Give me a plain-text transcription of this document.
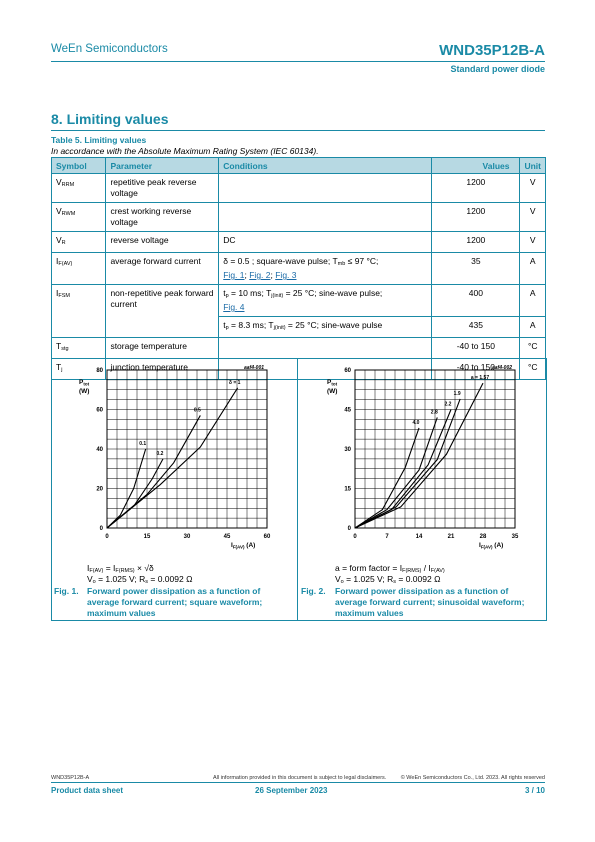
WeEn Semiconductors	WND35P12B-A
Standard power diode
8. Limiting values
Table 5. Limiting values
In accordance with the Absolute Maximum Rating System (IEC 60134).
Symbol	Parameter	Conditions	Values	Unit
$V_{RRM}$	repetitive peak reverse voltage		1200	V
$V_{RWM}$	crest working reverse voltage		1200	V
$V_R$	reverse voltage	DC	1200	V
$I_{F(AV)}$	average forward current	δ = 0.5 ; square-wave pulse; $T_{mb} \le 97$ °C;
Fig. 1; Fig. 2; Fig. 3	35	A
$I_{FSM}$	non-repetitive peak forward current	$t_p = 10$ ms; $T_{j(init)} = 25$ °C; sine-wave pulse;
Fig. 4	400	A
		$t_p = 8.3$ ms; $T_{j(init)} = 25$ °C; sine-wave pulse	435	A
$T_{stg}$	storage temperature		-40 to 150	°C
$T_j$	junction temperature		-40 to 150	°C
0	15	30	45	60
0
20
40
60
80
$P_{tot}$
(W)
$I_{F(AV)}$ (A)
aaf4-001
0.1
0.2
0.5
δ = 1
0	7	14	21	28	35
0
15
30
45
60
$P_{tot}$
(W)
$I_{F(AV)}$ (A)
aaf4-002
4.0
2.8
2.2
1.9
a = 1.57
$I_{F(AV)} = I_{F(RMS)} \times √\delta$
$V_o = 1.025$ V; $R_s = 0.0092$ Ω
Fig. 1. Forward power dissipation as a function of average forward current; square waveform; maximum values
a = form factor = $I_{F(RMS)} / I_{F(AV)}$
$V_o = 1.025$ V; $R_s = 0.0092$ Ω
Fig. 2. Forward power dissipation as a function of average forward current; sinusoidal waveform; maximum values
WND35P12B-A	All information provided in this document is subject to legal disclaimers.	© WeEn Semiconductors Co., Ltd. 2023. All rights reserved
Product data sheet	26 September 2023	3 / 10
